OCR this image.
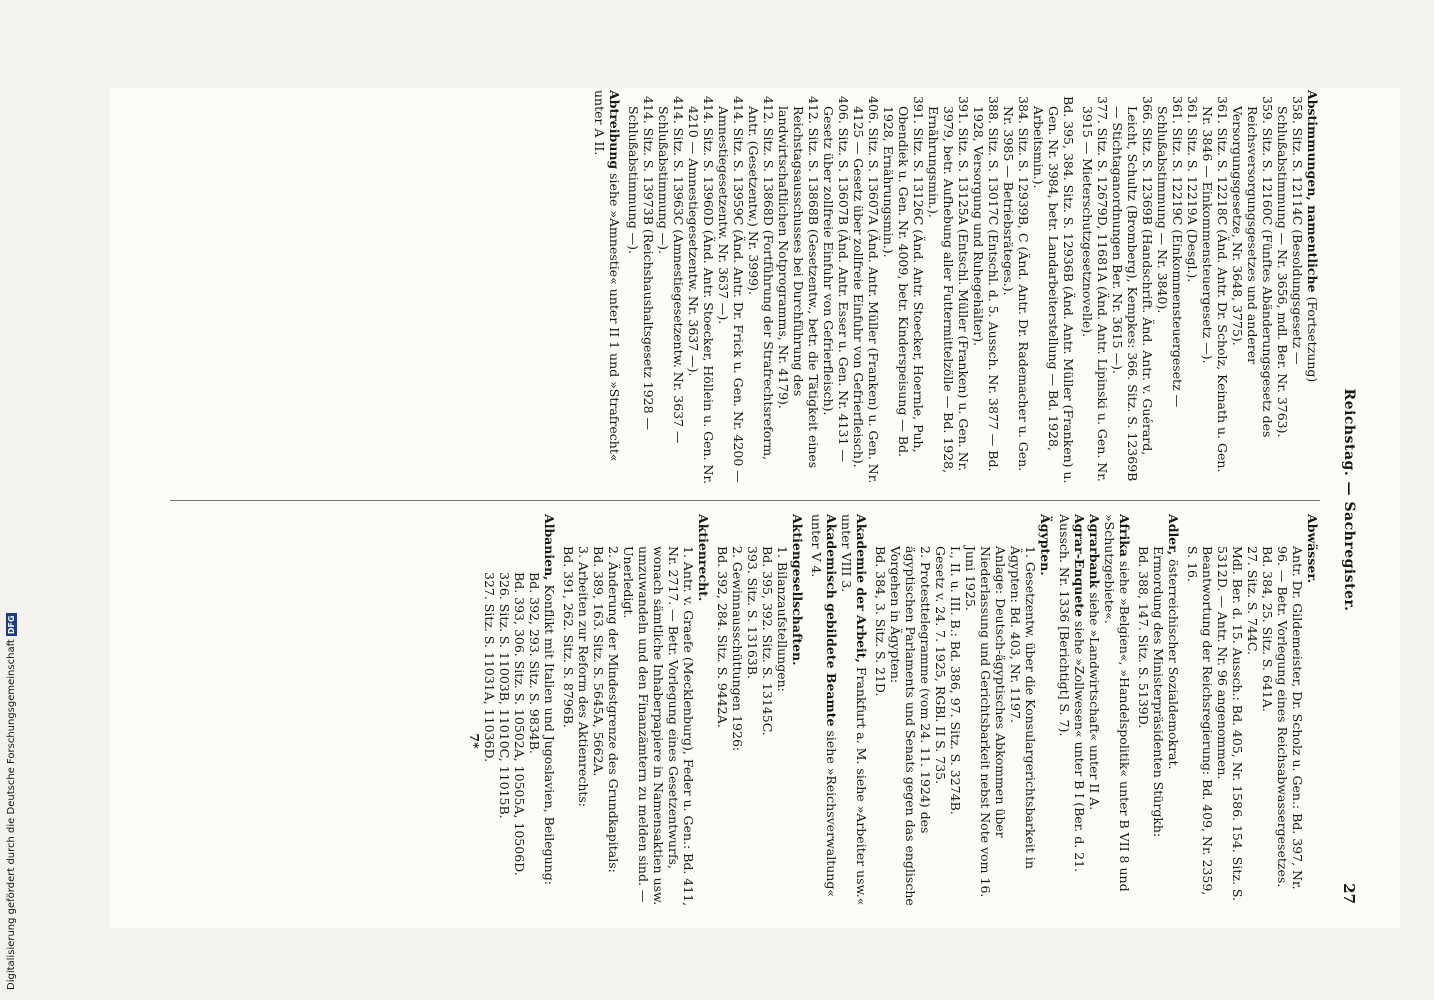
Reichstag. — Sachregister.
27

Abstimmungen, namentliche (Fortsetzung)

358. Sitz. S. 12114C (Besoldungsgesetz — Schlußabstimmung — Nr. 3656, mdl. Ber. Nr. 3763).

359. Sitz. S. 12160C (Fünftes Abänderungsgesetz des Reichsversorgungsgesetzes und anderer Versorgungsgesetze, Nr. 3648, 3775).

361. Sitz. S. 12218C (Änd. Antr. Dr. Scholz, Keinath u. Gen. Nr. 3846 — Einkommensteuergesetz —).

361. Sitz. S. 12219A (Desgl.).

361. Sitz. S. 12219C (Einkommensteuergesetz — Schlußabstimmung — Nr. 3840).

366. Sitz. S. 12369B (Handschrift. Änd. Antr. v. Guérard, Leicht, Schultz (Bromberg), Kempkes: 366. Sitz. S. 12369B — Stichtaganordnungen Ber. Nr. 3615 —).

377. Sitz. S. 12679D, 11681A (Änd. Antr. Lipinski u. Gen. Nr. 3915 — Mieterschutzgesetznovelle).

Bd. 395, 384. Sitz. S. 12936B (Änd. Antr. Müller (Franken) u. Gen. Nr. 3984, betr. Landarbeiterstellung — Bd. 1928, Arbeitsmin.).

384. Sitz. S. 12939B, C (Änd. Antr. Dr. Rademacher u. Gen. Nr. 3985 — Betriebsräteges.).

388. Sitz. S. 13017C (Entschl. d. 5. Aussch. Nr. 3877 — Bd. 1928, Versorgung und Ruhegehälter).

391. Sitz. S. 13125A (Entschl. Müller (Franken) u. Gen. Nr. 3979, betr. Aufhebung aller Futtermittelzölle — Bd. 1928, Ernährungsmin.).

391. Sitz. S. 13126C (Änd. Antr. Stoecker, Hoernle, Puh, Obendiek u. Gen. Nr. 4009, betr. Kinderspeisung — Bd. 1928, Ernährungsmin.).

406. Sitz. S. 13607A (Änd. Antr. Müller (Franken) u. Gen. Nr. 4125 — Gesetz über zollfreie Einfuhr von Gefrierfleisch).

406. Sitz. S. 13607B (Änd. Antr. Esser u. Gen. Nr. 4131 — Gesetz über zollfreie Einfuhr von Gefrierfleisch).

412. Sitz. S. 13868B (Gesetzentw., betr. die Tätigkeit eines Reichstagsausschusses bei Durchführung des landwirtschaftlichen Notprogramms, Nr. 4179).

412. Sitz. S. 13868D (Fortführung der Strafrechtsreform, Antr. (Gesetzentw.) Nr. 3999).

414. Sitz. S. 13959C (Änd. Antr. Dr. Frick u. Gen. Nr. 4200 — Amnestiegesetzentw. Nr. 3637 —).

414. Sitz. S. 13960D (Änd. Antr. Stoecker, Höllein u. Gen. Nr. 4210 — Amnestiegesetzentw. Nr. 3637 —).

414. Sitz. S. 13963C (Amnestiegesetzentw. Nr. 3637 — Schlußabstimmung —).

414. Sitz. S. 13973B (Reichshaushaltsgesetz 1928 — Schlußabstimmung —).

Abtreibung siehe »Amnestie« unter II 1 und »Strafrecht« unter A II.

Abwässer.

Antr. Dr. Gildemeister, Dr. Scholz u. Gen.: Bd. 397, Nr. 96. — Betr. Vorlegung eines Reichsabwassergesetzes.

Bd. 384, 25. Sitz. S. 641A.

27. Sitz. S. 744C.

Mdl. Ber. d. 15. Aussch.: Bd. 405, Nr. 1586. 154. Sitz. S. 5312D. — Antr. Nr. 96 angenommen.

Beantwortung der Reichsregierung: Bd. 409, Nr. 2359, S. 16.

Adler, österreichischer Sozialdemokrat.

Ermordung des Ministerpräsidenten Stürgkh:

Bd. 388, 147. Sitz. S. 5139D.

Afrika siehe »Belgien«, »Handelspolitik« unter B VII 8 und »Schutzgebiete«.

Agrarbank siehe »Landwirtschaft« unter II A.

Agrar-Enquete siehe »Zollwesen« unter B I (Ber. d. 21. Aussch. Nr. 1336 [Berichtigt] S. 7).

Ägypten.

1. Gesetzentw. über die Konsulargerichtsbarkeit in Ägypten: Bd. 403, Nr. 1197.

Anlage: Deutsch-ägyptisches Abkommen über Niederlassung und Gerichtsbarkeit nebst Note vom 16. Juni 1925.

I., II. u. III. B.: Bd. 386, 97. Sitz. S. 3274B.

Gesetz v. 24. 7. 1925, RGBl. II S. 735.

2. Protesttelegramme (vom 24. 11. 1924) des ägyptischen Parlaments und Senats gegen das englische Vorgehen in Ägypten:

Bd. 384, 3. Sitz. S. 21D.

Akademie der Arbeit, Frankfurt a. M. siehe »Arbeiter usw.« unter VIII 3.

Akademisch gebildete Beamte siehe »Reichsverwaltung« unter V 4.

Aktiengesellschaften.

1. Bilanzaufstellungen:

Bd. 395, 392. Sitz. S. 13145C.

393. Sitz. S. 13163B.

2. Gewinnausschüttungen 1926:

Bd. 392, 284. Sitz. S. 9442A.

Aktienrecht.

1. Antr. v. Graefe (Mecklenburg), Feder u. Gen.: Bd. 411, Nr. 2717. — Betr. Vorlegung eines Gesetzentwurfs, wonach sämtliche Inhaberpapiere in Namensaktien usw. umzuwandeln und den Finanzämtern zu melden sind. — Unerledigt.

2. Änderung der Mindestgrenze des Grundkapitals:

Bd. 389, 163. Sitz. S. 5645A, 5662A.

3. Arbeiten zur Reform des Aktienrechts:

Bd. 391, 262. Sitz. S. 8796B.

Albanien, Konflikt mit Italien und Jugoslavien, Beilegung:

Bd. 392, 293. Sitz. S. 9834B.

Bd. 393, 306. Sitz. S. 10502A, 10505A, 10506D.

326. Sitz. S. 11003B, 11010C, 11015B.

327. Sitz. S. 11031A, 11036D.

7*

Digitalisierung gefördert durch die Deutsche ForschungsgemeinschaftDFG
